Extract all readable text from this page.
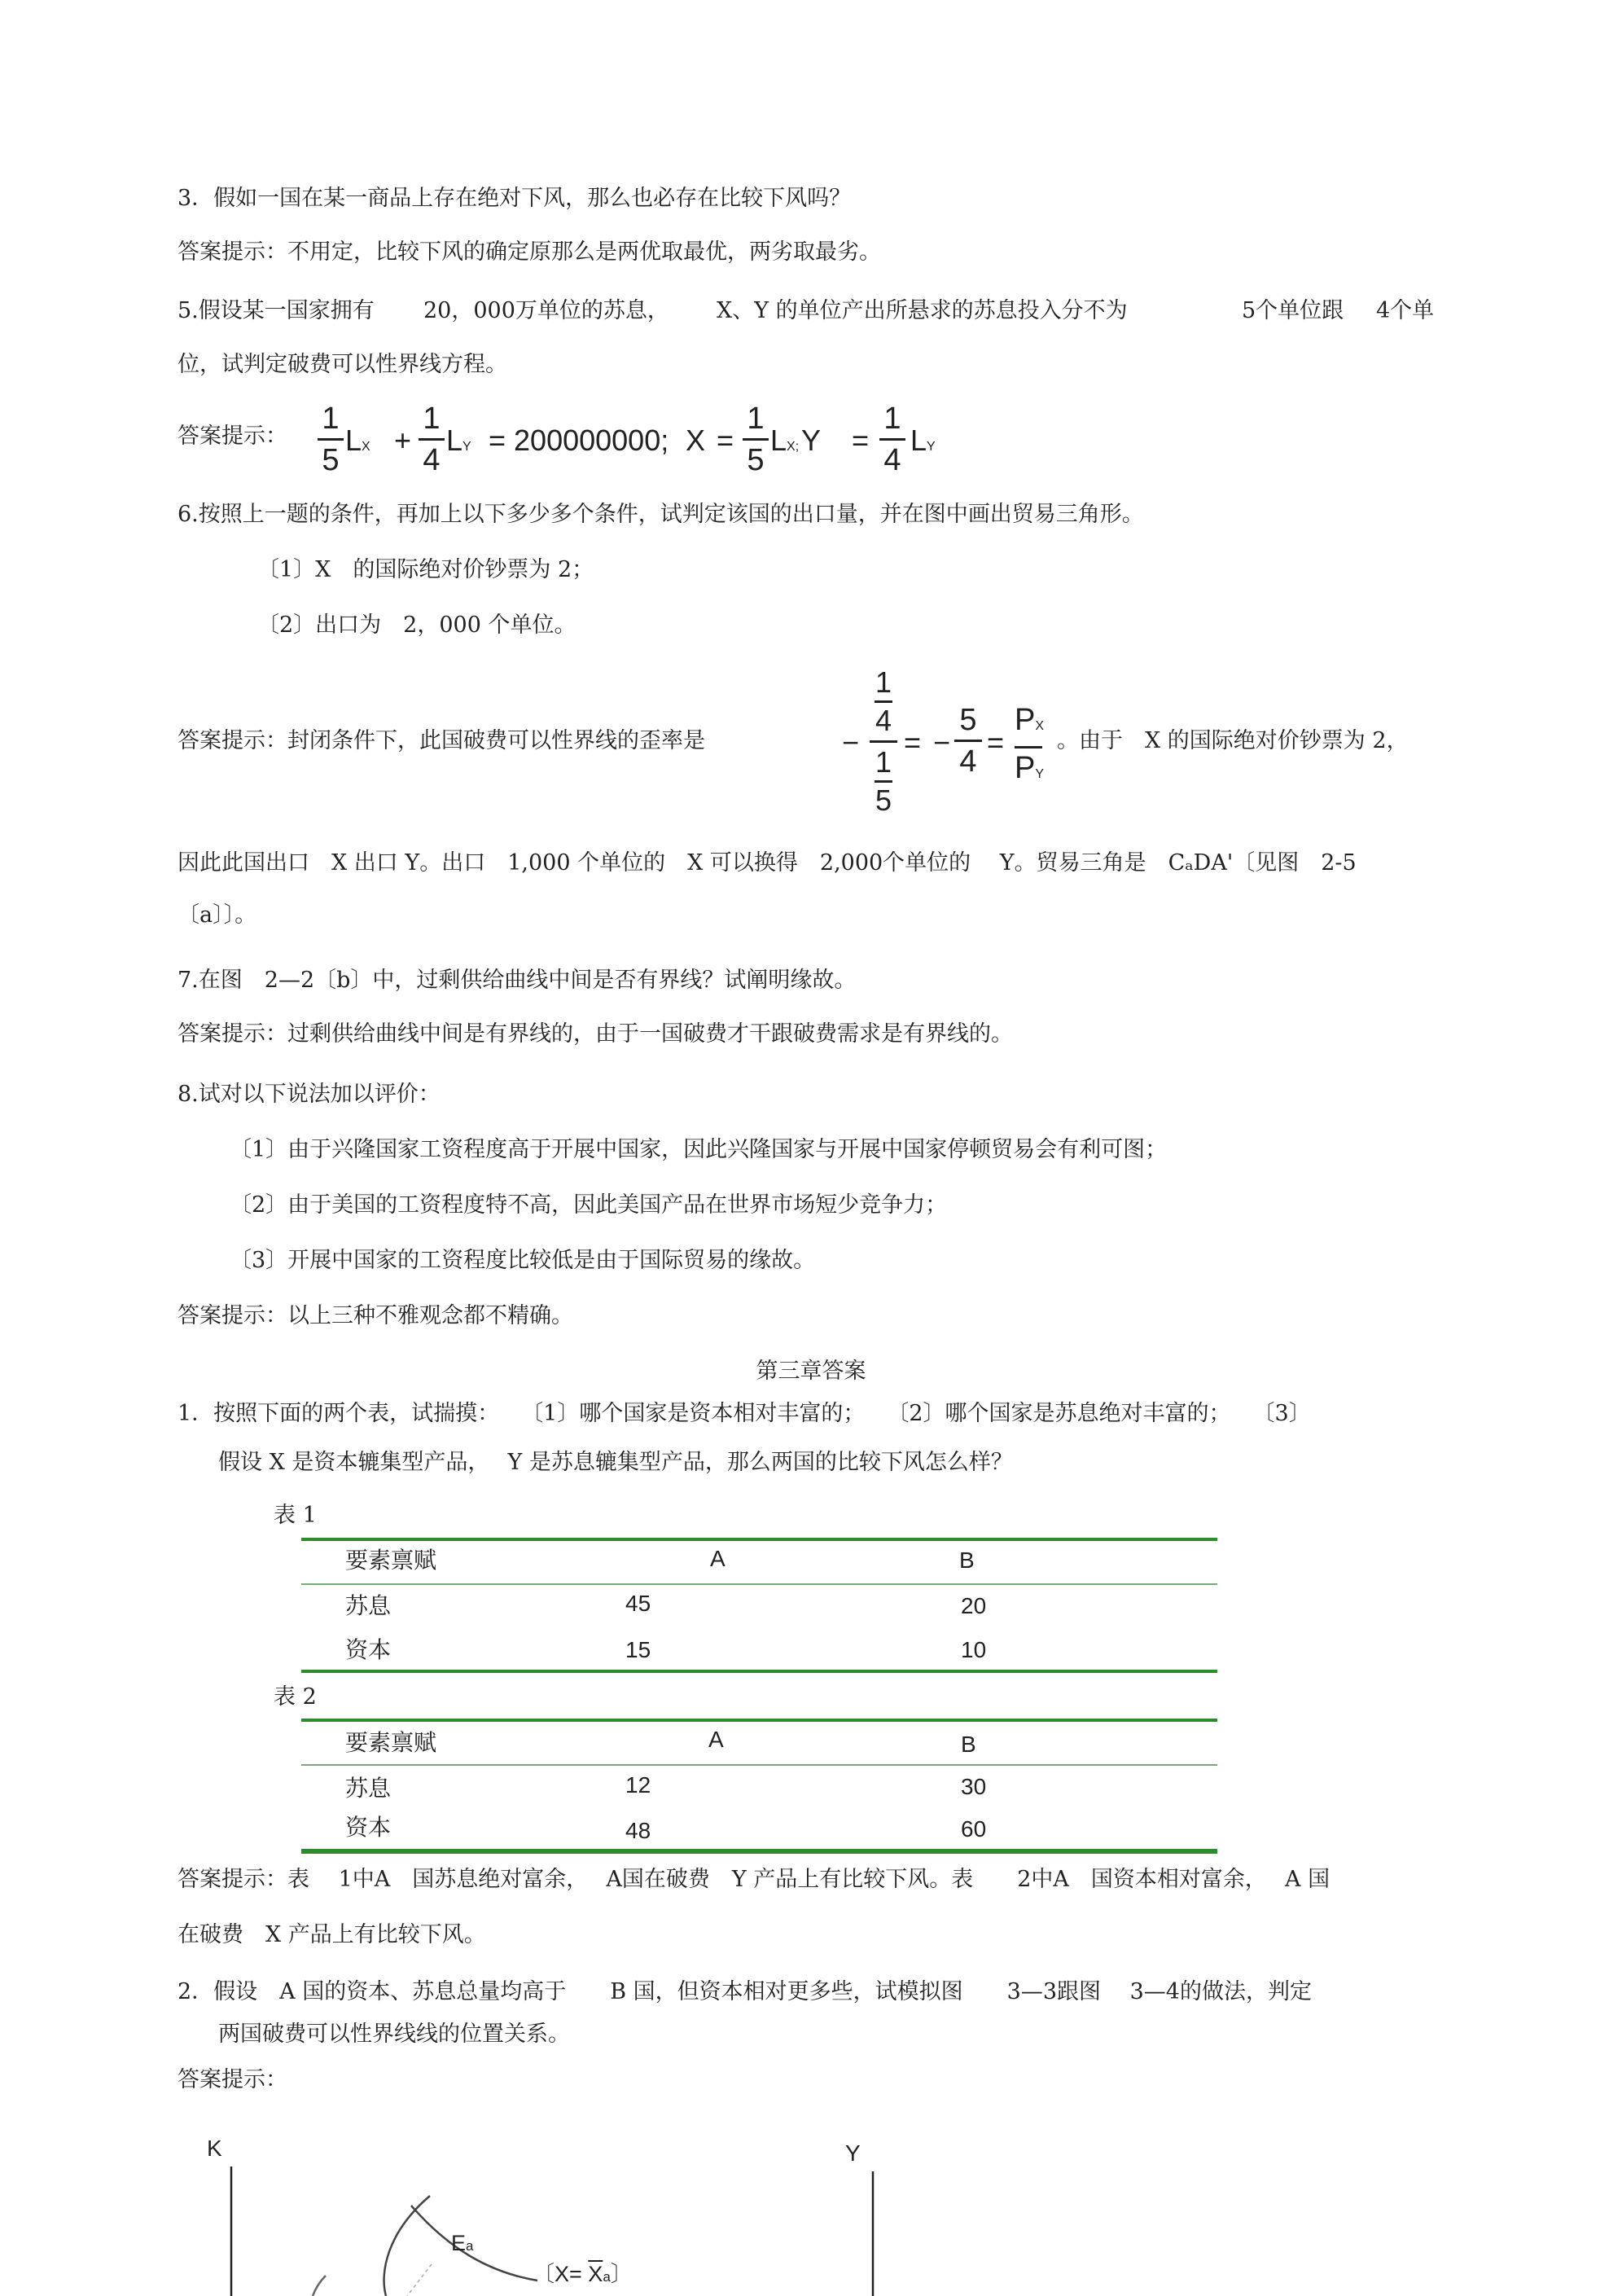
3．假如一国在某一商品上存在绝对下风，那么也必存在比较下风吗？
答案提示：不用定，比较下风的确定原那么是两优取最优，两劣取最劣。
5.假设某一国家拥有 20，000万单位的苏息， X、Y 的单位产出所悬求的苏息投入分不为	5个单位跟 4个单
位，试判定破费可以性界线方程。
答案提示：
1
5
LX +
1
4
LY = 200000000; X =
1
5
LX; Y =
1
4
LY
6.按照上一题的条件，再加上以下多少多个条件，试判定该国的出口量，并在图中画出贸易三角形。
〔1〕X　的国际绝对价钞票为 2；
〔2〕出口为　2，000 个单位。
答案提示：封闭条件下，此国破费可以性界线的歪率是	−
1
4
1
5
= −
5
4
=
PX
PY
。由于　X 的国际绝对价钞票为 2，
因此此国出口　X 出口 Y。出口　1,000 个单位的　X 可以换得　2,000个单位的　 Y。贸易三角是　CₐDA'〔见图　2-5
〔a〕〕。
7.在图　2—2〔b〕中，过剩供给曲线中间是否有界线？试阐明缘故。
答案提示：过剩供给曲线中间是有界线的，由于一国破费才干跟破费需求是有界线的。
8.试对以下说法加以评价：
〔1〕由于兴隆国家工资程度高于开展中国家，因此兴隆国家与开展中国家停顿贸易会有利可图；
〔2〕由于美国的工资程度特不高，因此美国产品在世界市场短少竞争力；
〔3〕开展中国家的工资程度比较低是由于国际贸易的缘故。
答案提示：以上三种不雅观念都不精确。
第三章答案
1．按照下面的两个表，试揣摸：　　〔1〕哪个国家是资本相对丰富的；　　〔2〕哪个国家是苏息绝对丰富的；　　〔3〕
假设 X 是资本辘集型产品，　 Y 是苏息辘集型产品，那么两国的比较下风怎么样？
表 1
要素禀赋	A	B
苏息	45	20
资本	15	10
表 2
要素禀赋	A	B
苏息	12	30
资本	48	60
答案提示：表　 1中A　国苏息绝对富余，　 A国在破费　Y 产品上有比较下风。表　　2中A　国资本相对富余，　 A 国
在破费　X 产品上有比较下风。
2．假设　A 国的资本、苏息总量均高于　　B 国，但资本相对更多些，试模拟图　　3—3跟图　 3—4的做法，判定
两国破费可以性界线线的位置关系。
答案提示：
K	Y
Ea
〔$X= \overline{X}a$〕
